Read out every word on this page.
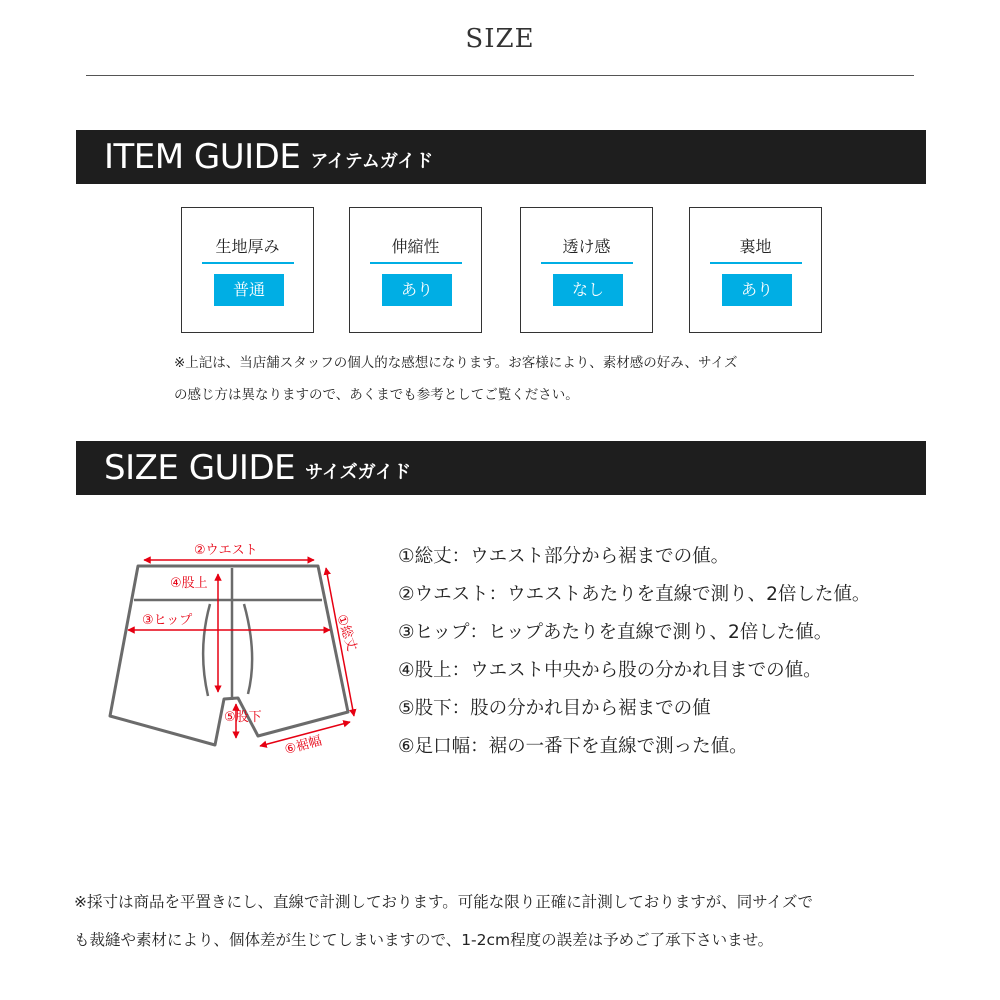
SIZE
ITEM GUIDE アイテムガイド
生地厚み
普通
伸縮性
あり
透け感
なし
裏地
あり
※上記は、当店舗スタッフの個人的な感想になります。お客様により、素材感の好み、サイズ
の感じ方は異なりますので、あくまでも参考としてご覧ください。
SIZE GUIDE サイズガイド
②ウエスト
④股上
③ヒップ	①総丈
⑤股下
⑥裾幅
①総丈：ウエスト部分から裾までの値。
②ウエスト：ウエストあたりを直線で測り、2倍した値。
③ヒップ：ヒップあたりを直線で測り、2倍した値。
④股上：ウエスト中央から股の分かれ目までの値。
⑤股下：股の分かれ目から裾までの値
⑥足口幅：裾の一番下を直線で測った値。
※採寸は商品を平置きにし、直線で計測しております。可能な限り正確に計測しておりますが、同サイズで
も裁縫や素材により、個体差が生じてしまいますので、1-2cm程度の誤差は予めご了承下さいませ。
